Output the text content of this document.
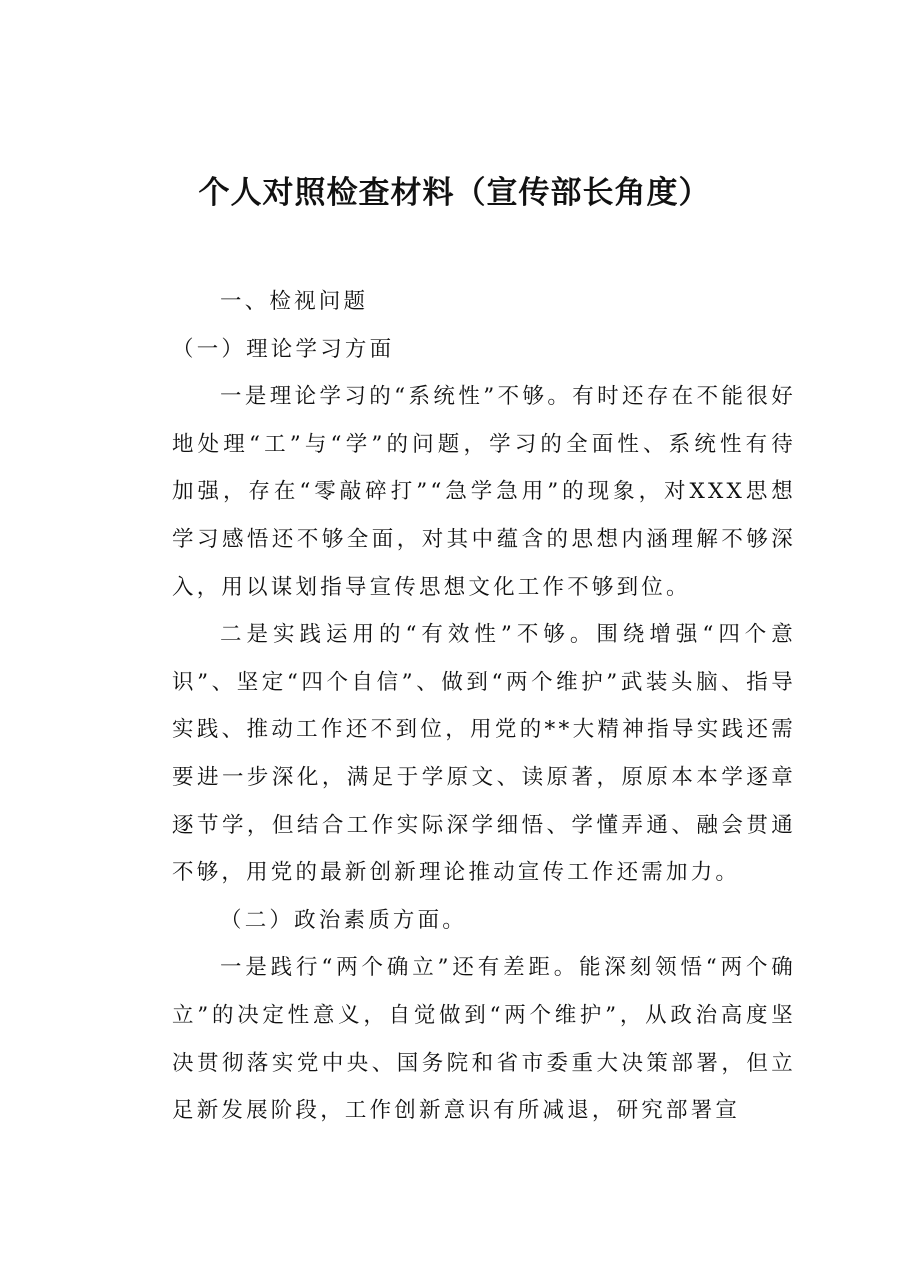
个人对照检查材料（宣传部长角度）

一、检视问题

（一）理论学习方面

一是理论学习的“系统性”不够。有时还存在不能很好地处理“工”与“学”的问题，学习的全面性、系统性有待加强，存在“零敲碎打”“急学急用”的现象，对XXX思想学习感悟还不够全面，对其中蕴含的思想内涵理解不够深入，用以谋划指导宣传思想文化工作不够到位。

二是实践运用的“有效性”不够。围绕增强“四个意识”、坚定“四个自信”、做到“两个维护”武装头脑、指导实践、推动工作还不到位，用党的**大精神指导实践还需要进一步深化，满足于学原文、读原著，原原本本学逐章逐节学，但结合工作实际深学细悟、学懂弄通、融会贯通不够，用党的最新创新理论推动宣传工作还需加力。

（二）政治素质方面。

一是践行“两个确立”还有差距。能深刻领悟“两个确立”的决定性意义，自觉做到“两个维护”，从政治高度坚决贯彻落实党中央、国务院和省市委重大决策部署，但立足新发展阶段，工作创新意识有所减退，研究部署宣
